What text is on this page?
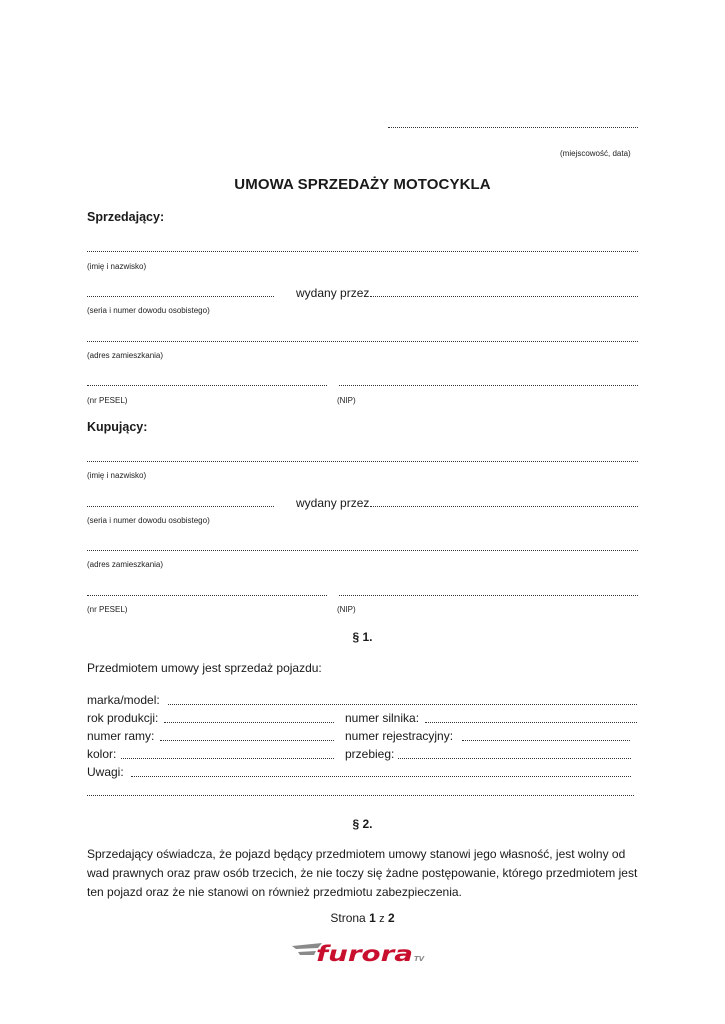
(miejscowość, data)
UMOWA SPRZEDAŻY MOTOCYKLA
Sprzedający:
(imię i nazwisko)
wydany przez
(seria i numer dowodu osobistego)
(adres zamieszkania)
(nr PESEL)	(NIP)
Kupujący:
(imię i nazwisko)
wydany przez
(seria i numer dowodu osobistego)
(adres zamieszkania)
(nr PESEL)	(NIP)
§ 1.
Przedmiotem umowy jest sprzedaż pojazdu:
marka/model:
rok produkcji:	numer silnika:
numer ramy:	numer rejestracyjny:
kolor:	przebieg:
Uwagi:
§ 2.
Sprzedający oświadcza, że pojazd będący przedmiotem umowy stanowi jego własność, jest wolny od wad prawnych oraz praw osób trzecich, że nie toczy się żadne postępowanie, którego przedmiotem jest ten pojazd oraz że nie stanowi on również przedmiotu zabezpieczenia.
Strona 1 z 2
furora TV
